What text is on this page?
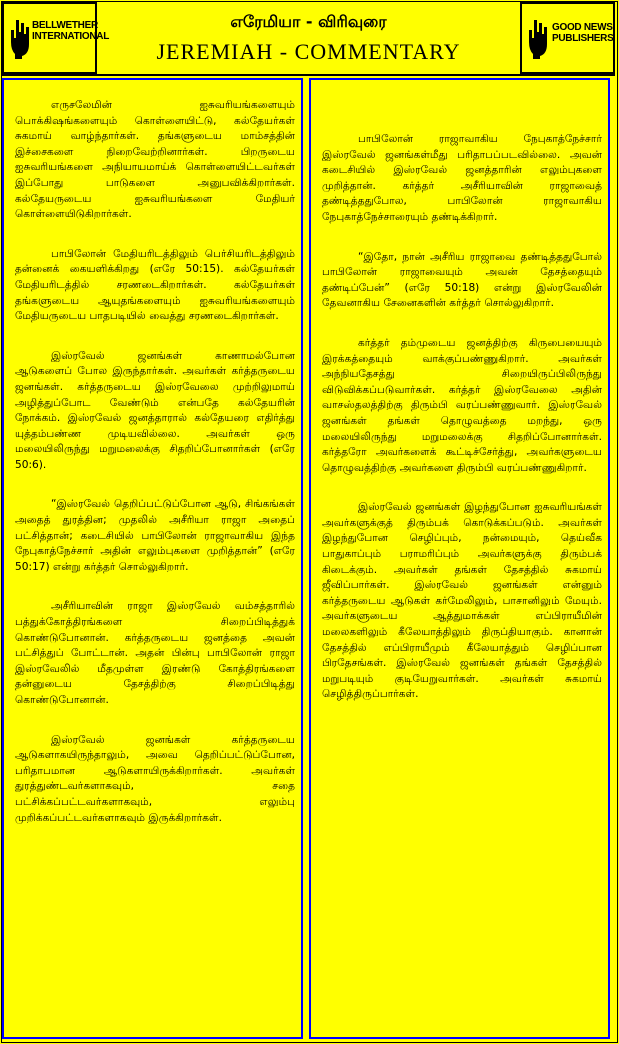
BELLWETHER INTERNATIONAL
எரேமியா - விரிவுரை
JEREMIAH - COMMENTARY
GOOD NEWS PUBLISHERS

எருசலேமின் ஐசுவரியங்களையும் பொக்கிஷங்களையும் கொள்ளையிட்டு, கல்தேயர்கள் சுகமாய் வாழ்ந்தார்கள். தங்களுடைய மாம்சத்தின் இச்சைகளை நிறைவேற்றினார்கள். பிறருடைய ஐசுவரியங்களை அநியாயமாய்க் கொள்ளையிட்டவர்கள் இப்போது பாடுகளை அனுபவிக்கிறார்கள். கல்தேயருடைய ஐசுவரியங்களை மேதியர் கொள்ளையிடுகிறார்கள்.

பாபிலோன் மேதியரிடத்திலும் பெர்சியரிடத்திலும் தன்னைக் கையளிக்கிறது (எரே 50:15). கல்தேயர்கள் மேதியரிடத்தில் சரணடைகிறார்கள். கல்தேயர்கள் தங்களுடைய ஆயுதங்களையும் ஐசுவரியங்களையும் மேதியருடைய பாதபடியில் வைத்து சரணடைகிறார்கள்.

இஸ்ரவேல் ஜனங்கள் காணாமல்போன ஆடுகளைப் போல இருந்தார்கள். அவர்கள் கர்த்தருடைய ஜனங்கள். கர்த்தருடைய இஸ்ரவேலை முற்றிலுமாய் அழித்துப்போட வேண்டும் என்பதே கல்தேயரின் நோக்கம். இஸ்ரவேல் ஜனத்தாரால் கல்தேயரை எதிர்த்து யுத்தம்பண்ண முடியவில்லை. அவர்கள் ஒரு மலையிலிருந்து மறுமலைக்கு சிதறிப்போனார்கள் (எரே 50:6).

“இஸ்ரவேல் தெறிப்பட்டுப்போன ஆடு, சிங்கங்கள் அதைத் துரத்தின; முதலில் அசீரியா ராஜா அதைப் பட்சித்தான்; கடைசியில் பாபிலோன் ராஜாவாகிய இந்த நேபுகாத்நேச்சார் அதின் எலும்புகளை முறித்தான்” (எரே 50:17) என்று கர்த்தர் சொல்லுகிறார்.

அசீரியாவின் ராஜா இஸ்ரவேல் வம்சத்தாரில் பத்துக்கோத்திரங்களை சிறைப்பிடித்துக் கொண்டுபோனான். கர்த்தருடைய ஜனத்தை அவன் பட்சித்துப் போட்டான். அதன் பின்பு பாபிலோன் ராஜா இஸ்ரவேலில் மீதமுள்ள இரண்டு கோத்திரங்களை தன்னுடைய தேசத்திற்கு சிறைப்பிடித்து கொண்டுபோனான்.

இஸ்ரவேல் ஜனங்கள் கர்த்தருடைய ஆடுகளாகயிருந்தாலும், அவை தெறிப்பட்டுப்போன, பரிதாபமான ஆடுகளாயிருக்கிறார்கள். அவர்கள் துரத்துண்டவர்களாகவும், சதை பட்சிக்கப்பட்டவர்களாகவும், எலும்பு முறிக்கப்பட்டவர்களாகவும் இருக்கிறார்கள்.

பாபிலோன் ராஜாவாகிய நேபுகாத்நேச்சார் இஸ்ரவேல் ஜனங்கள்மீது பரிதாபப்படவில்லை. அவன் கடைசியில் இஸ்ரவேல் ஜனத்தாரின் எலும்புகளை முறித்தான். கர்த்தர் அசீரியாவின் ராஜாவைத் தண்டித்ததுபோல, பாபிலோன் ராஜாவாகிய நேபுகாத்நேச்சாரையும் தண்டிக்கிறார்.

“இதோ, நான் அசீரிய ராஜாவை தண்டித்ததுபோல் பாபிலோன் ராஜாவையும் அவன் தேசத்தையும் தண்டிப்பேன்” (எரே 50:18) என்று இஸ்ரவேலின் தேவனாகிய சேனைகளின் கர்த்தர் சொல்லுகிறார்.

கர்த்தர் தம்முடைய ஜனத்திற்கு கிருபையையும் இரக்கத்தையும் வாக்குப்பண்ணுகிறார். அவர்கள் அந்நியதேசத்து சிறையிருப்பிலிருந்து விடுவிக்கப்படுவார்கள். கர்த்தர் இஸ்ரவேலை அதின் வாசஸ்தலத்திற்கு திரும்பி வரப்பண்ணுவார். இஸ்ரவேல் ஜனங்கள் தங்கள் தொழுவத்தை மறந்து, ஒரு மலையிலிருந்து மறுமலைக்கு சிதறிப்போனார்கள். கர்த்தரோ அவர்களைக் கூட்டிச்சேர்த்து, அவர்களுடைய தொழுவத்திற்கு அவர்களை திரும்பி வரப்பண்ணுகிறார்.

இஸ்ரவேல் ஜனங்கள் இழந்துபோன ஐசுவரியங்கள் அவர்களுக்குத் திரும்பக் கொடுக்கப்படும். அவர்கள் இழந்துபோன செழிப்பும், நன்மையும், தெய்வீக பாதுகாப்பும் பராமரிப்பும் அவர்களுக்கு திரும்பக் கிடைக்கும். அவர்கள் தங்கள் தேசத்தில் சுகமாய் ஜீவிப்பார்கள். இஸ்ரவேல் ஜனங்கள் என்னும் கர்த்தருடைய ஆடுகள் கர்மேலிலும், பாசானிலும் மேயும். அவர்களுடைய ஆத்துமாக்கள் எப்பிராயீமின் மலைகளிலும் கீலேயாத்திலும் திருப்தியாகும். கானான் தேசத்தில் எப்பிராயீமும் கீலேயாத்தும் செழிப்பான பிரதேசங்கள். இஸ்ரவேல் ஜனங்கள் தங்கள் தேசத்தில் மறுபடியும் குடியேறுவார்கள். அவர்கள் சுகமாய் செழித்திருப்பார்கள்.
